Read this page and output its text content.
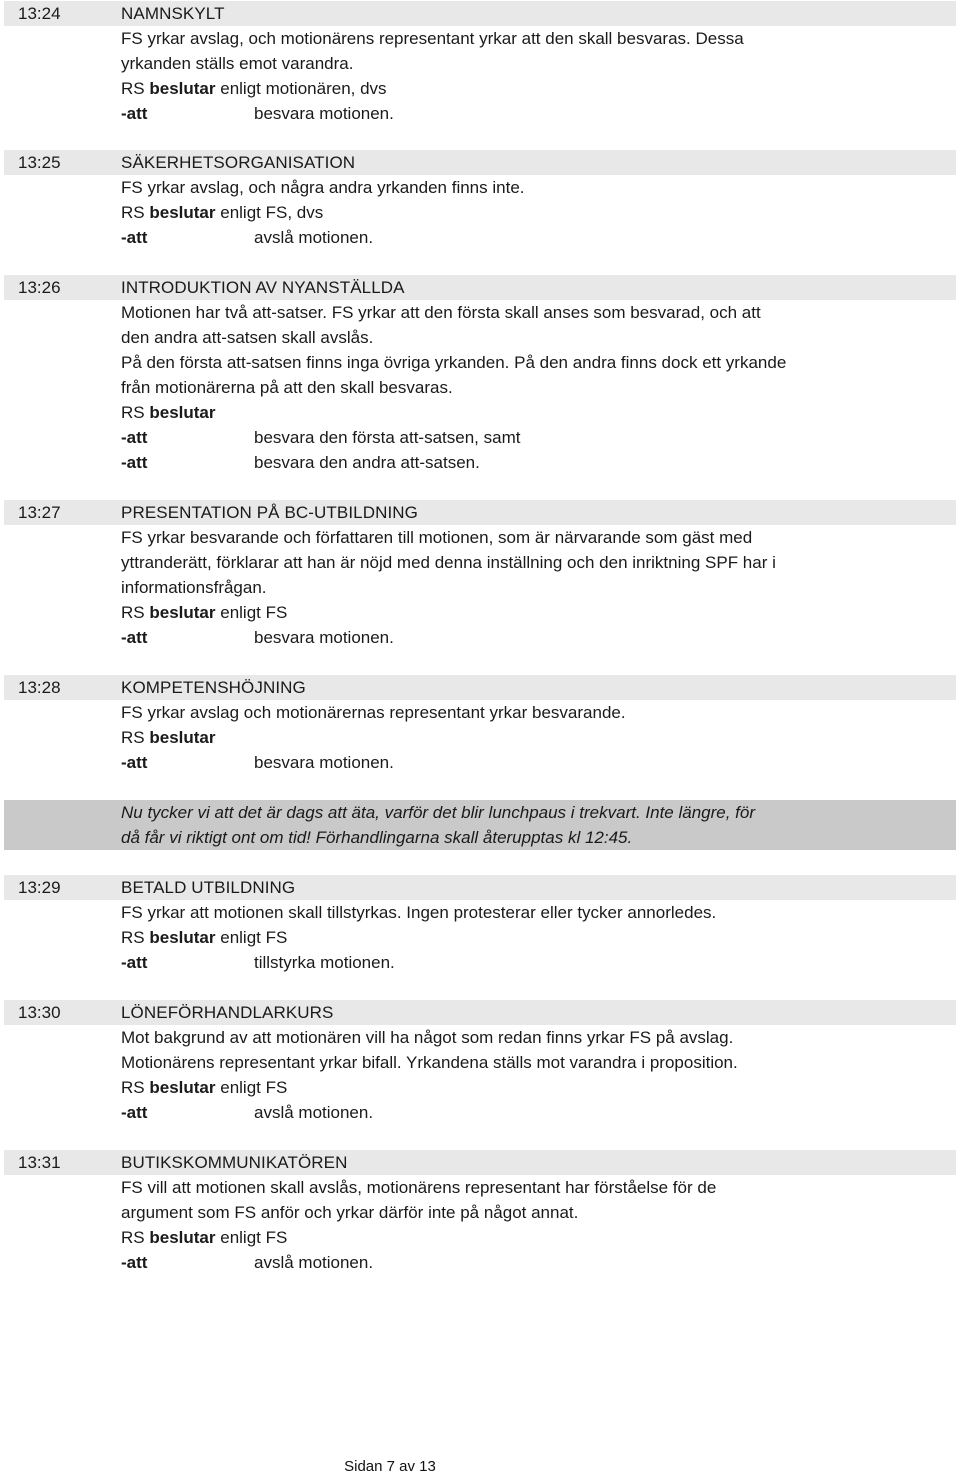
13:24	NAMNSKYLT
FS yrkar avslag, och motionärens representant yrkar att den skall besvaras. Dessa
yrkanden ställs emot varandra.
RS beslutar enligt motionären, dvs
-att	besvara motionen.
13:25	SÄKERHETSORGANISATION
FS yrkar avslag, och några andra yrkanden finns inte.
RS beslutar enligt FS, dvs
-att	avslå motionen.
13:26	INTRODUKTION AV NYANSTÄLLDA
Motionen har två att-satser. FS yrkar att den första skall anses som besvarad, och att
den andra att-satsen skall avslås.
På den första att-satsen finns inga övriga yrkanden. På den andra finns dock ett yrkande
från motionärerna på att den skall besvaras.
RS beslutar
-att	besvara den första att-satsen, samt
-att	besvara den andra att-satsen.
13:27	PRESENTATION PÅ BC-UTBILDNING
FS yrkar besvarande och författaren till motionen, som är närvarande som gäst med
yttranderätt, förklarar att han är nöjd med denna inställning och den inriktning SPF har i
informationsfrågan.
RS beslutar enligt FS
-att	besvara motionen.
13:28	KOMPETENSHÖJNING
FS yrkar avslag och motionärernas representant yrkar besvarande.
RS beslutar
-att	besvara motionen.
Nu tycker vi att det är dags att äta, varför det blir lunchpaus i trekvart. Inte längre, för
då får vi riktigt ont om tid! Förhandlingarna skall återupptas kl 12:45.
13:29	BETALD UTBILDNING
FS yrkar att motionen skall tillstyrkas. Ingen protesterar eller tycker annorledes.
RS beslutar enligt FS
-att	tillstyrka motionen.
13:30	LÖNEFÖRHANDLARKURS
Mot bakgrund av att motionären vill ha något som redan finns yrkar FS på avslag.
Motionärens representant yrkar bifall. Yrkandena ställs mot varandra i proposition.
RS beslutar enligt FS
-att	avslå motionen.
13:31	BUTIKSKOMMUNIKATÖREN
FS vill att motionen skall avslås, motionärens representant har förståelse för de
argument som FS anför och yrkar därför inte på något annat.
RS beslutar enligt FS
-att	avslå motionen.
Sidan 7 av 13
